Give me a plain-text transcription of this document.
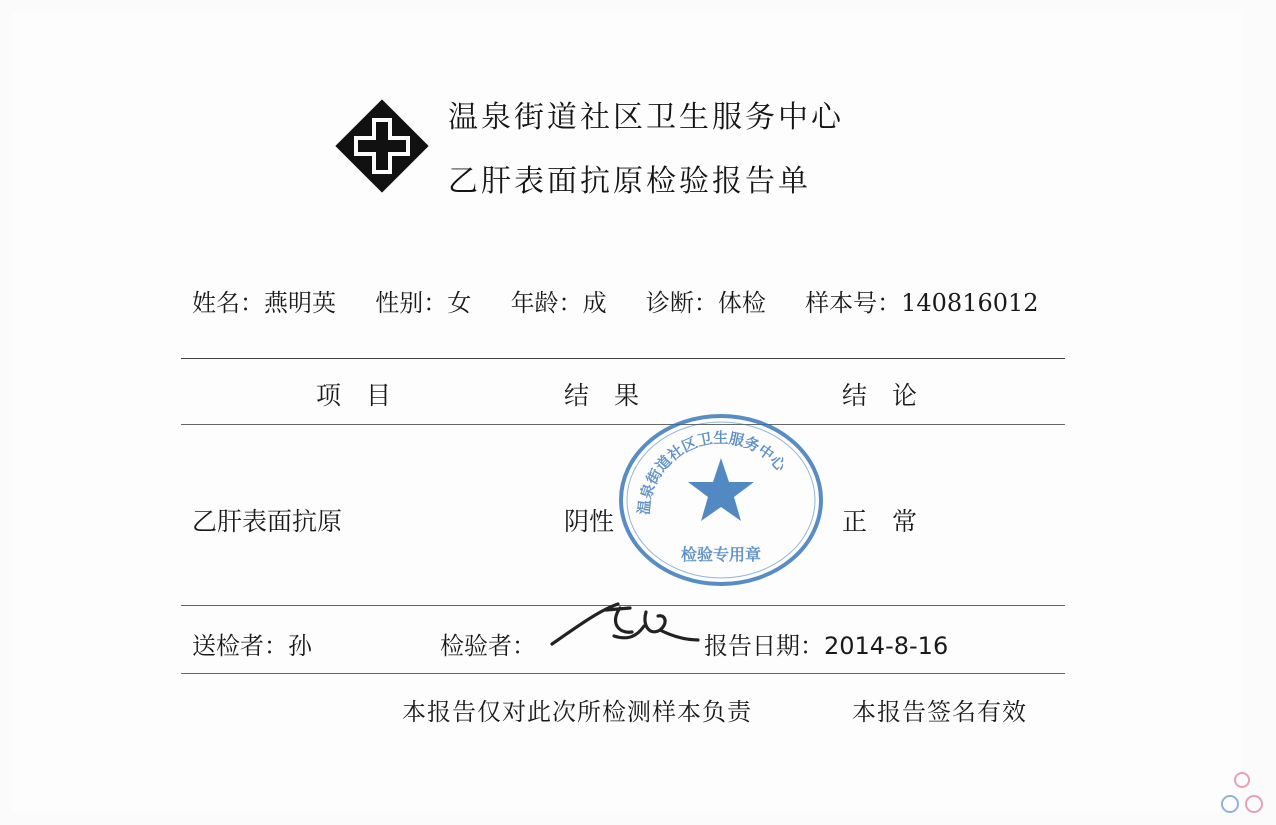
温泉街道社区卫生服务中心
乙肝表面抗原检验报告单
姓名：燕明英 性别：女 年龄：成 诊断：体检 样本号：140816012
项　目	结　果	结　论
温泉街道社区卫生服务中心
检验专用章
乙肝表面抗原	阴性	正　常
送检者：孙	检验者：	报告日期：2014-8-16
本报告仅对此次所检测样本负责	本报告签名有效
